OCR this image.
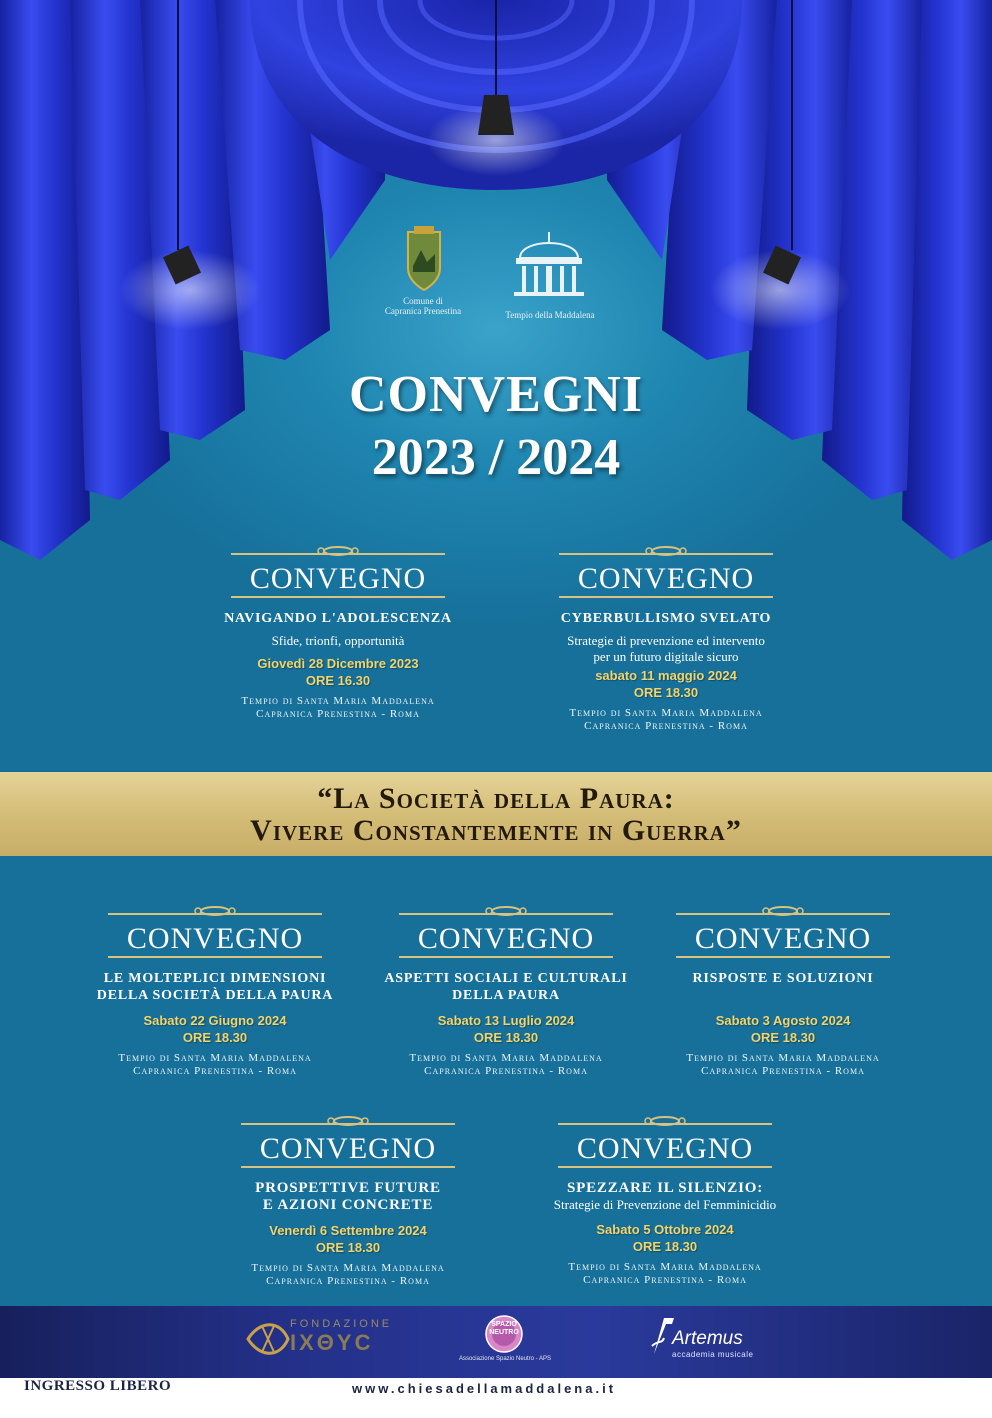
Comune di
Capranica Prenestina	Tempio della Maddalena
CONVEGNI
2023 / 2024
CONVEGNO
NAVIGANDO L'ADOLESCENZA
Sfide, trionfi, opportunità
Giovedì 28 Dicembre 2023
ORE 16.30
Tempio di Santa Maria Maddalena
Capranica Prenestina - Roma
CONVEGNO
CYBERBULLISMO SVELATO
Strategie di prevenzione ed intervento
per un futuro digitale sicuro
sabato 11 maggio 2024
ORE 18.30
Tempio di Santa Maria Maddalena
Capranica Prenestina - Roma
“La Società della Paura:
Vivere Constantemente in Guerra”
CONVEGNO
LE MOLTEPLICI DIMENSIONI
DELLA SOCIETÀ DELLA PAURA
Sabato 22 Giugno 2024
ORE 18.30
Tempio di Santa Maria Maddalena
Capranica Prenestina - Roma
CONVEGNO
ASPETTI SOCIALI E CULTURALI
DELLA PAURA
Sabato 13 Luglio 2024
ORE 18.30
Tempio di Santa Maria Maddalena
Capranica Prenestina - Roma
CONVEGNO
RISPOSTE E SOLUZIONI
Sabato 3 Agosto 2024
ORE 18.30
Tempio di Santa Maria Maddalena
Capranica Prenestina - Roma
CONVEGNO
PROSPETTIVE FUTURE
E AZIONI CONCRETE
Venerdì 6 Settembre 2024
ORE 18.30
Tempio di Santa Maria Maddalena
Capranica Prenestina - Roma
CONVEGNO
SPEZZARE IL SILENZIO:
Strategie di Prevenzione del Femminicidio
Sabato 5 Ottobre 2024
ORE 18.30
Tempio di Santa Maria Maddalena
Capranica Prenestina - Roma
FONDAZIONE
IXΘYC
SPAZIO
NEUTRO
Associazione Spazio Neutro - APS
Artemus
accademia musicale
INGRESSO LIBERO	www.chiesadellamaddalena.it
